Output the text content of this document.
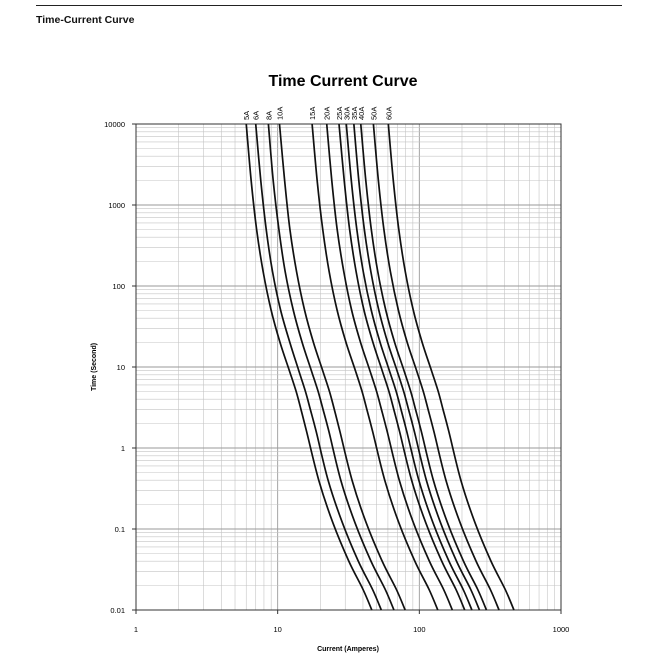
Time-Current Curve
Time Current Curve
1	10	100	1000
0.01
0.1
1
10
100
1000
10000
5A 6A 8A 10A	15A 20A 25A
30A
35A
40A 50A 60A
Current (Amperes)
Time (Second)
